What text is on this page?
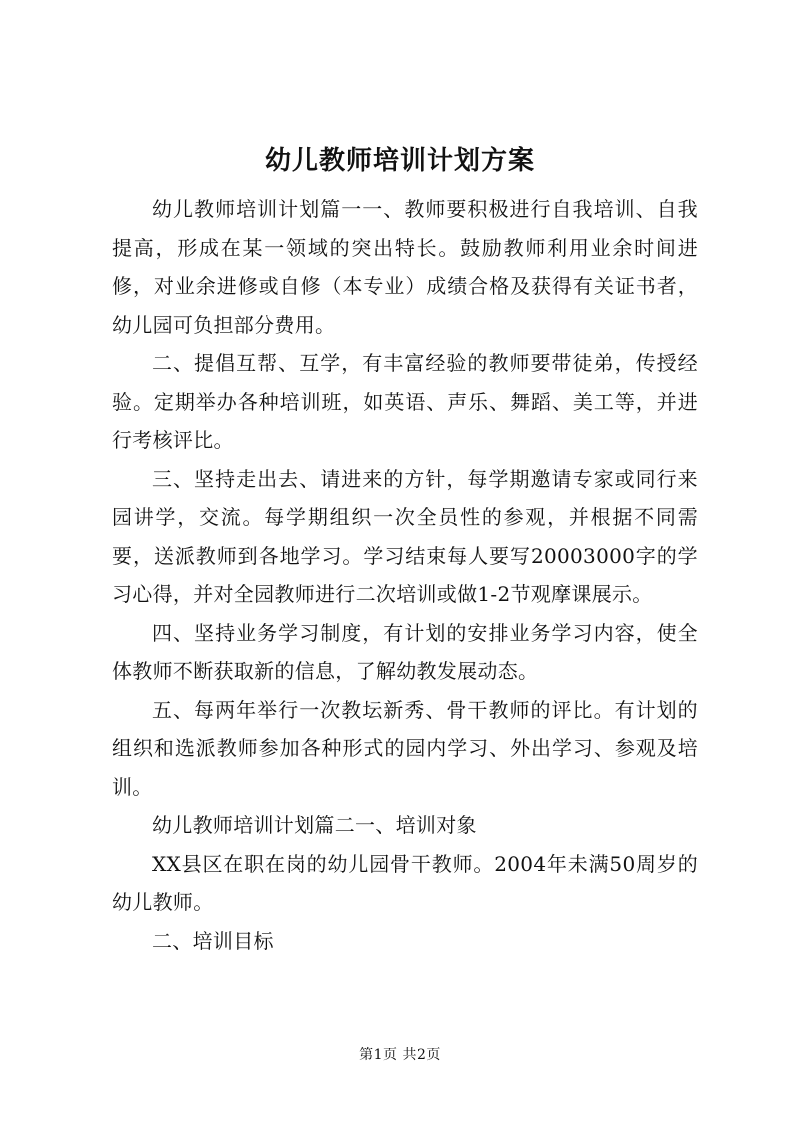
幼儿教师培训计划方案

幼儿教师培训计划篇一一、教师要积极进行自我培训、自我提高，形成在某一领域的突出特长。鼓励教师利用业余时间进修，对业余进修或自修（本专业）成绩合格及获得有关证书者，幼儿园可负担部分费用。

二、提倡互帮、互学，有丰富经验的教师要带徒弟，传授经验。定期举办各种培训班，如英语、声乐、舞蹈、美工等，并进行考核评比。

三、坚持走出去、请进来的方针，每学期邀请专家或同行来园讲学，交流。每学期组织一次全员性的参观，并根据不同需要，送派教师到各地学习。学习结束每人要写20003000字的学习心得，并对全园教师进行二次培训或做1-2节观摩课展示。

四、坚持业务学习制度，有计划的安排业务学习内容，使全体教师不断获取新的信息，了解幼教发展动态。

五、每两年举行一次教坛新秀、骨干教师的评比。有计划的组织和选派教师参加各种形式的园内学习、外出学习、参观及培训。

幼儿教师培训计划篇二一、培训对象

XX县区在职在岗的幼儿园骨干教师。2004年未满50周岁的幼儿教师。

二、培训目标

第1页 共2页
